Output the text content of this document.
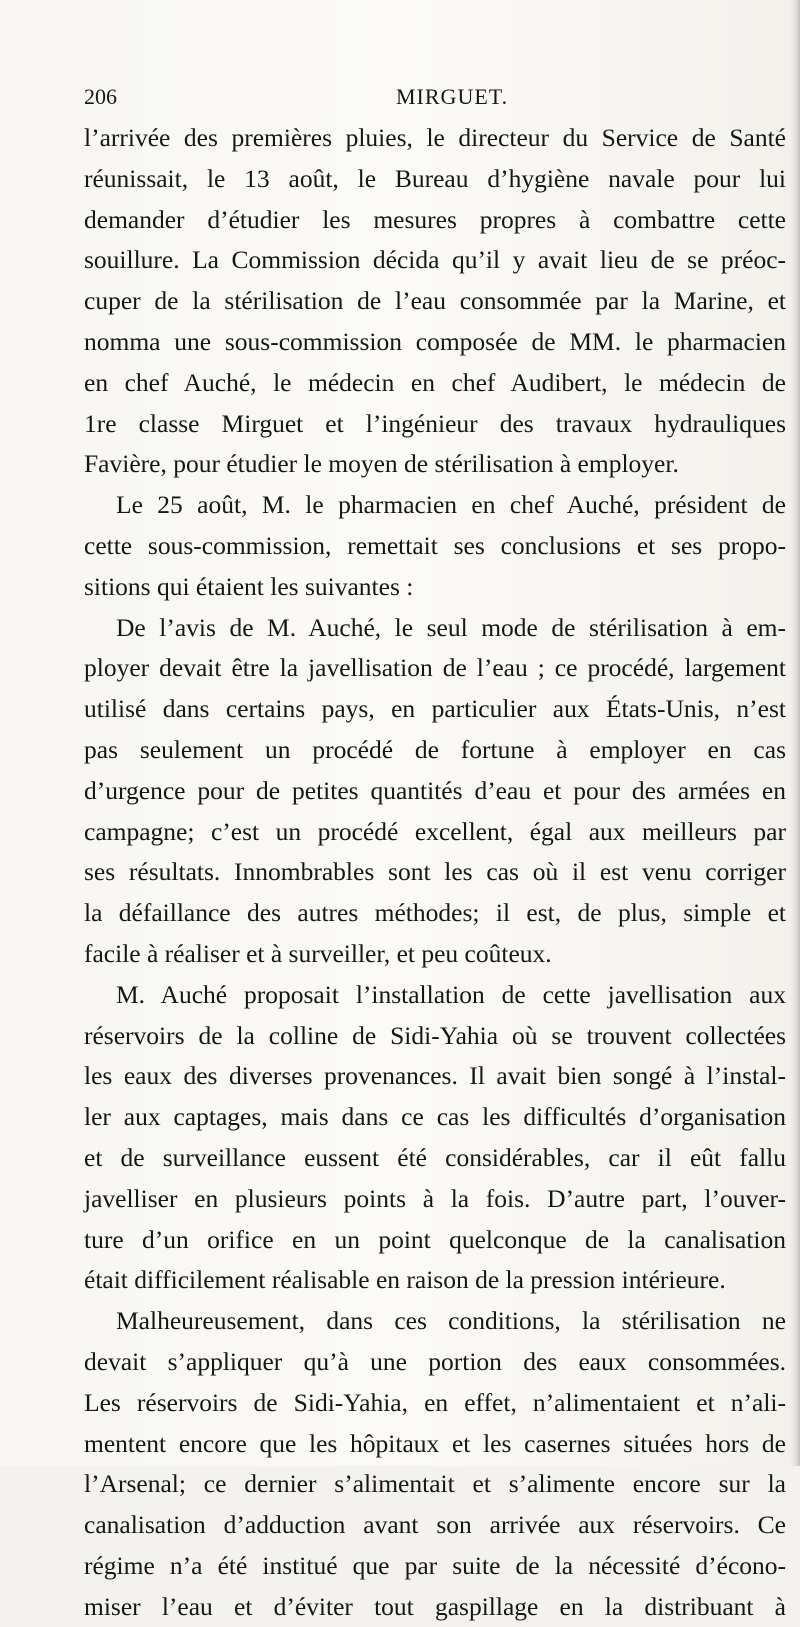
206	MIRGUET.
l’arrivée des premières pluies, le directeur du Service de Santé
réunissait, le 13 août, le Bureau d’hygiène navale pour lui
demander d’étudier les mesures propres à combattre cette
souillure. La Commission décida qu’il y avait lieu de se préoc-
cuper de la stérilisation de l’eau consommée par la Marine, et
nomma une sous-commission composée de MM. le pharmacien
en chef Auché, le médecin en chef Audibert, le médecin de
1re classe Mirguet et l’ingénieur des travaux hydrauliques
Favière, pour étudier le moyen de stérilisation à employer.
Le 25 août, M. le pharmacien en chef Auché, président de
cette sous-commission, remettait ses conclusions et ses propo-
sitions qui étaient les suivantes :
De l’avis de M. Auché, le seul mode de stérilisation à em-
ployer devait être la javellisation de l’eau ; ce procédé, largement
utilisé dans certains pays, en particulier aux États-Unis, n’est
pas seulement un procédé de fortune à employer en cas
d’urgence pour de petites quantités d’eau et pour des armées en
campagne; c’est un procédé excellent, égal aux meilleurs par
ses résultats. Innombrables sont les cas où il est venu corriger
la défaillance des autres méthodes; il est, de plus, simple et
facile à réaliser et à surveiller, et peu coûteux.
M. Auché proposait l’installation de cette javellisation aux
réservoirs de la colline de Sidi-Yahia où se trouvent collectées
les eaux des diverses provenances. Il avait bien songé à l’instal-
ler aux captages, mais dans ce cas les difficultés d’organisation
et de surveillance eussent été considérables, car il eût fallu
javelliser en plusieurs points à la fois. D’autre part, l’ouver-
ture d’un orifice en un point quelconque de la canalisation
était difficilement réalisable en raison de la pression intérieure.
Malheureusement, dans ces conditions, la stérilisation ne
devait s’appliquer qu’à une portion des eaux consommées.
Les réservoirs de Sidi-Yahia, en effet, n’alimentaient et n’ali-
mentent encore que les hôpitaux et les casernes situées hors de
l’Arsenal; ce dernier s’alimentait et s’alimente encore sur la
canalisation d’adduction avant son arrivée aux réservoirs. Ce
régime n’a été institué que par suite de la nécessité d’écono-
miser l’eau et d’éviter tout gaspillage en la distribuant à
